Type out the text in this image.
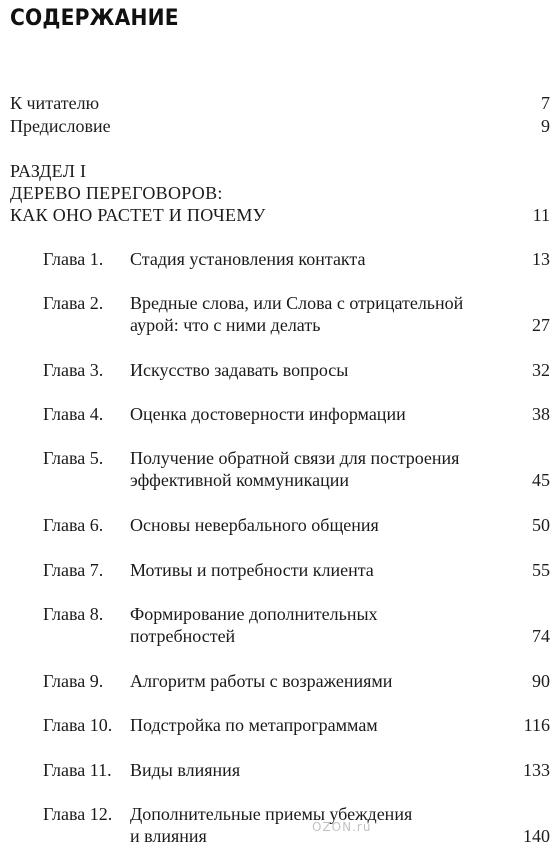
СОДЕРЖАНИЕ
К читателю	7
Предисловие	9
РАЗДЕЛ I
ДЕРЕВО ПЕРЕГОВОРОВ:
КАК ОНО РАСТЕТ И ПОЧЕМУ	11
Глава 1. Стадия установления контакта	13
Глава 2. Вредные слова, или Слова с отрицательной
аурой: что с ними делать	27
Глава 3. Искусство задавать вопросы	32
Глава 4. Оценка достоверности информации	38
Глава 5. Получение обратной связи для построения
эффективной коммуникации	45
Глава 6. Основы невербального общения	50
Глава 7. Мотивы и потребности клиента	55
Глава 8. Формирование дополнительных
потребностей	74
Глава 9. Алгоритм работы с возражениями	90
Глава 10. Подстройка по метапрограммам	116
Глава 11. Виды влияния	133
Глава 12. Дополнительные приемы убеждения
и влияния	140
OZON.ru
